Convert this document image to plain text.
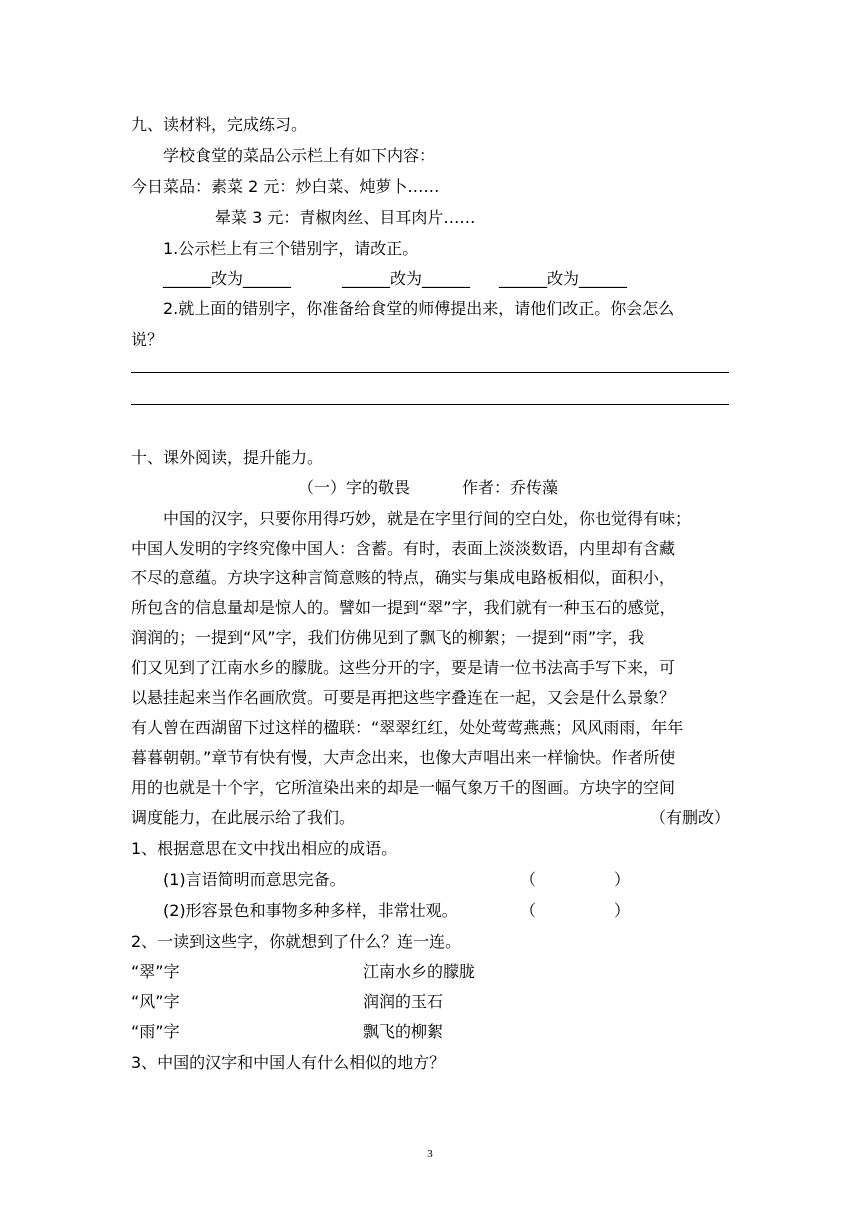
九、读材料，完成练习。
学校食堂的菜品公示栏上有如下内容：
今日菜品：素菜 2 元：炒白菜、炖萝卜……
晕菜 3 元：青椒肉丝、目耳肉片……
1.公示栏上有三个错别字，请改正。
______改为______	______改为______ ______改为______
2.就上面的错别字，你准备给食堂的师傅提出来，请他们改正。你会怎么
说？
十、课外阅读，提升能力。
（一）字的敬畏	作者：乔传藻
中国的汉字，只要你用得巧妙，就是在字里行间的空白处，你也觉得有味；
中国人发明的字终究像中国人：含蓄。有时，表面上淡淡数语，内里却有含藏
不尽的意蕴。方块字这种言简意赅的特点，确实与集成电路板相似，面积小，
所包含的信息量却是惊人的。譬如一提到“翠”字，我们就有一种玉石的感觉，
润润的；一提到“风”字，我们仿佛见到了飘飞的柳絮；一提到“雨”字，我
们又见到了江南水乡的朦胧。这些分开的字，要是请一位书法高手写下来，可
以悬挂起来当作名画欣赏。可要是再把这些字叠连在一起，又会是什么景象？
有人曾在西湖留下过这样的楹联：“翠翠红红，处处莺莺燕燕；风风雨雨，年年
暮暮朝朝。”章节有快有慢，大声念出来，也像大声唱出来一样愉快。作者所使
用的也就是十个字，它所渲染出来的却是一幅气象万千的图画。方块字的空间
调度能力，在此展示给了我们。	（有删改）
1、根据意思在文中找出相应的成语。
(1)言语简明而意思完备。	（	）
(2)形容景色和事物多种多样，非常壮观。	（	）
2、一读到这些字，你就想到了什么？连一连。
“翠”字	江南水乡的朦胧
“风”字	润润的玉石
“雨”字	飘飞的柳絮
3、中国的汉字和中国人有什么相似的地方？
3
